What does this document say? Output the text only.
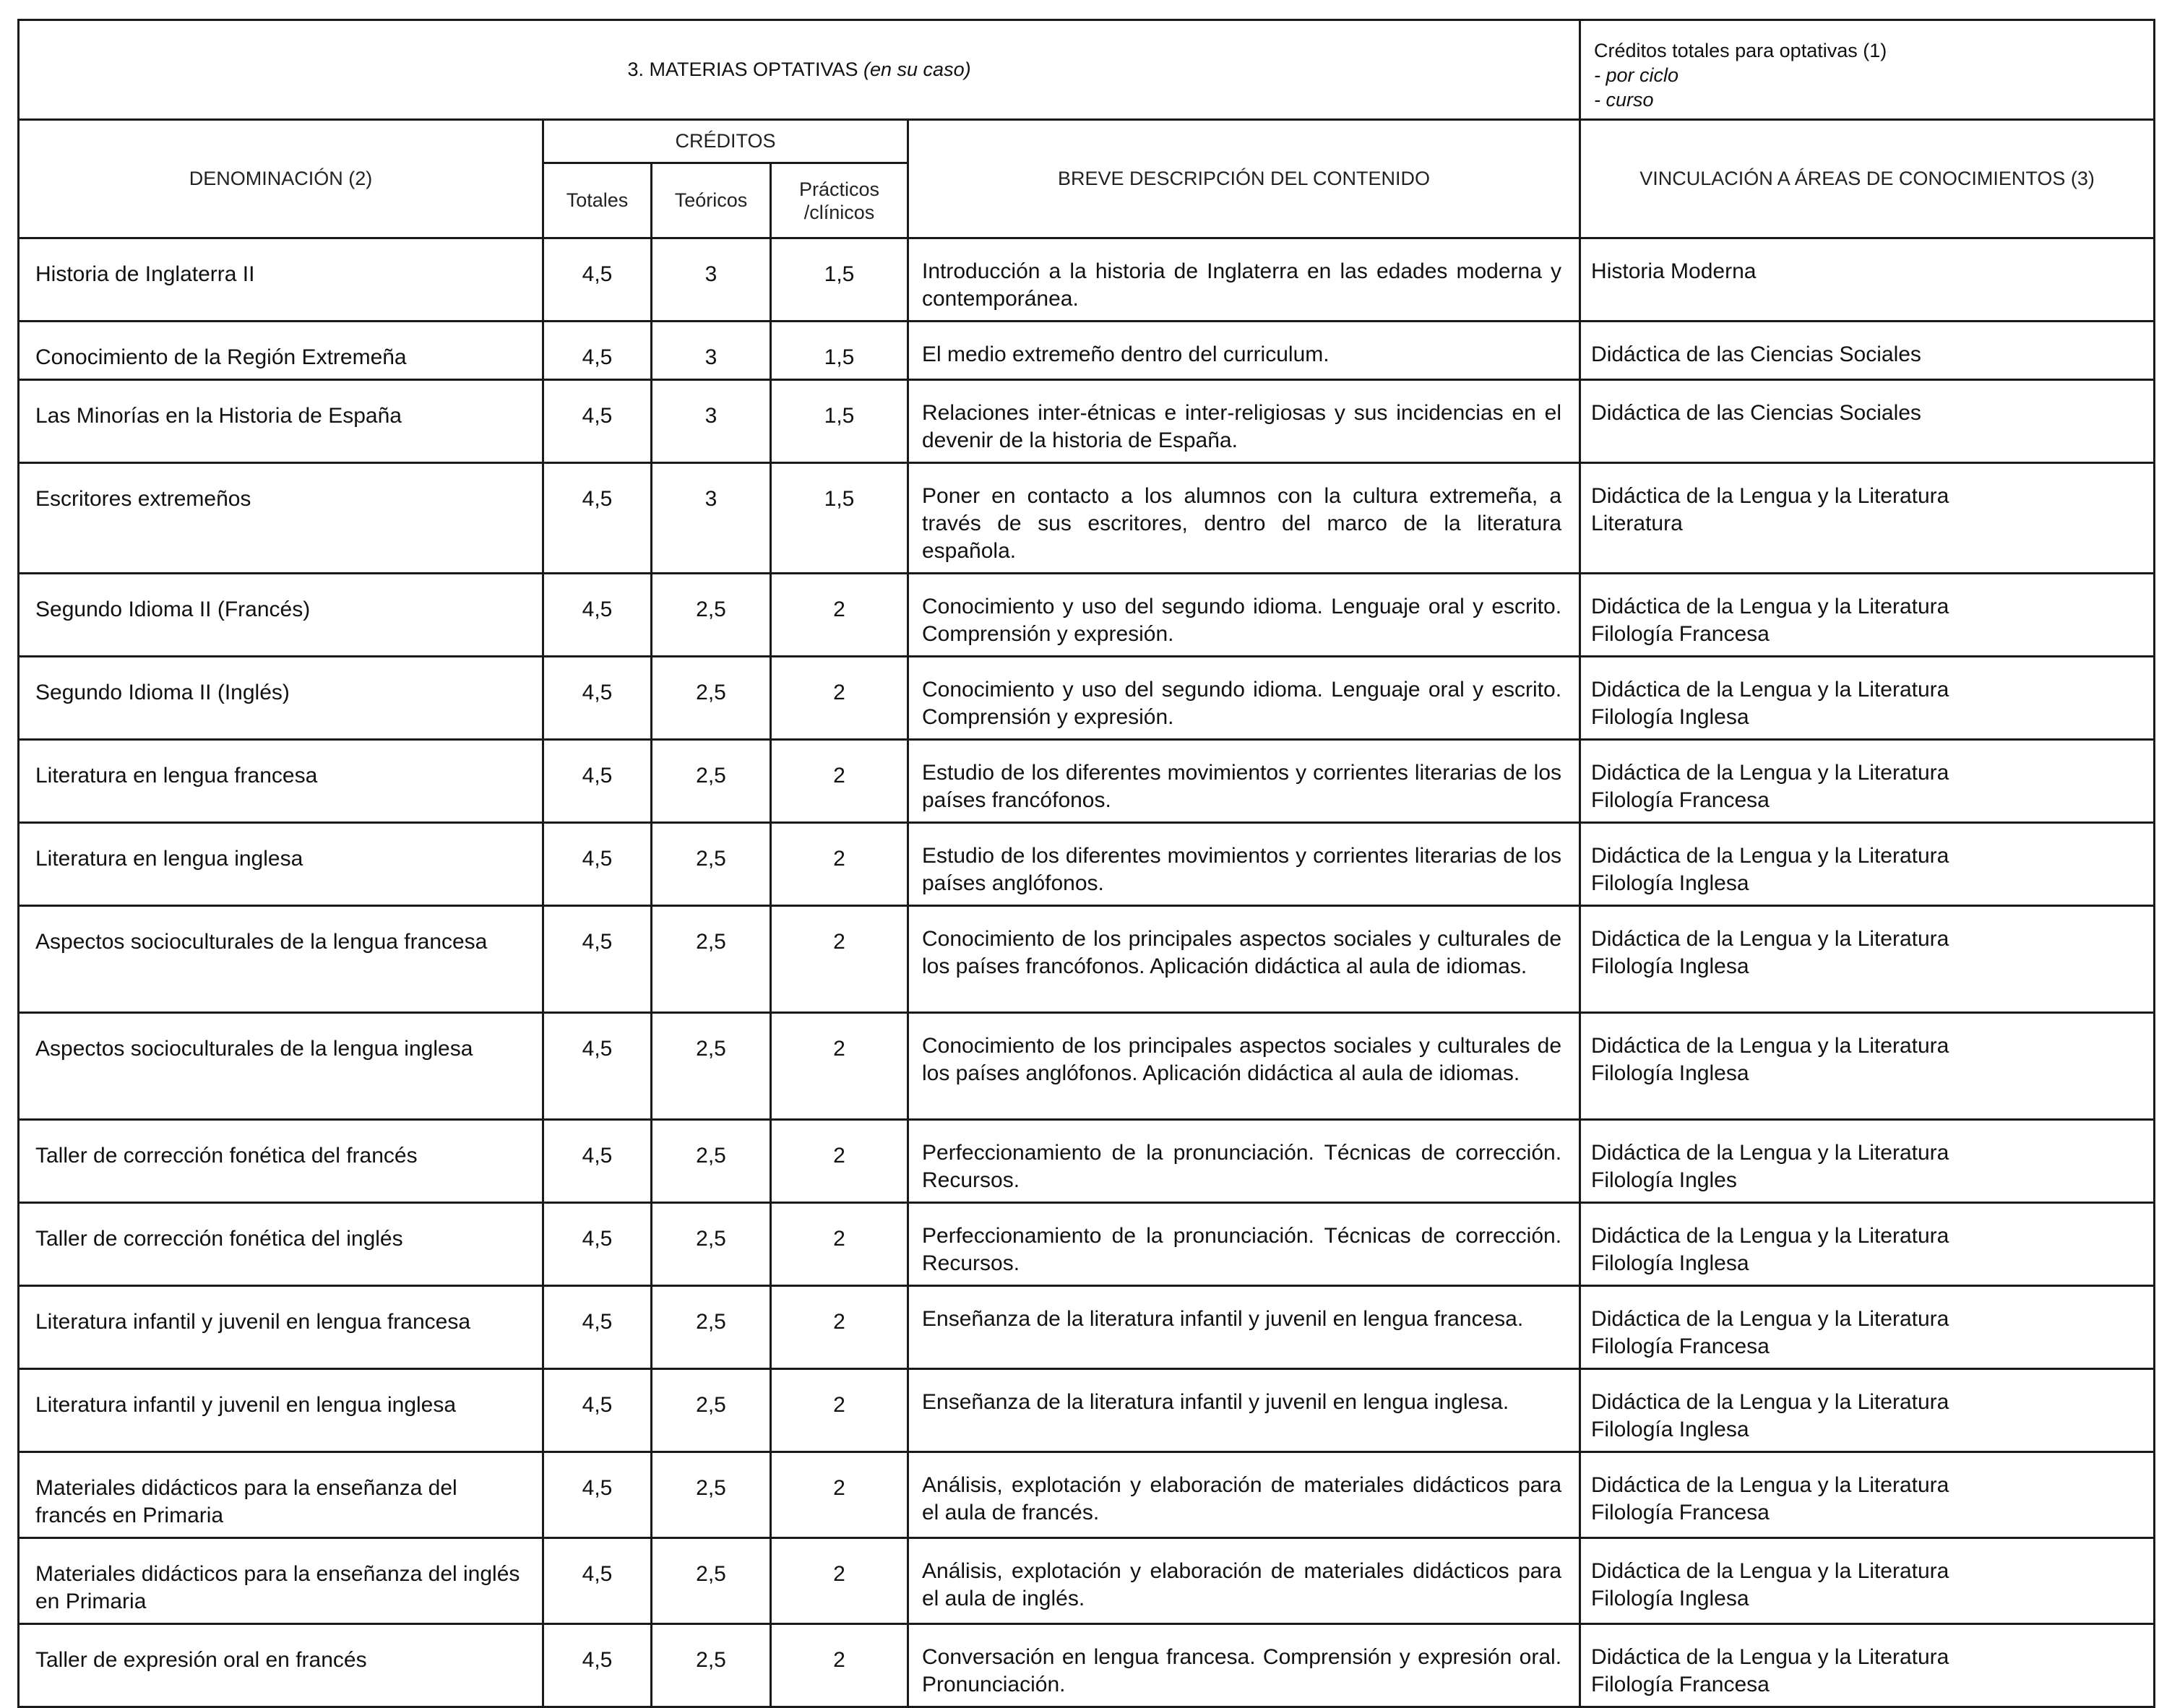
3. MATERIAS OPTATIVAS (en su caso)					Créditos totales para optativas (1)
- por ciclo
- curso

DENOMINACIÓN (2)	CRÉDITOS			BREVE DESCRIPCIÓN DEL CONTENIDO	VINCULACIÓN A ÁREAS DE CONOCIMIENTOS (3)
	Totales	Teóricos	Prácticos
/clínicos		

Historia de Inglaterra II	4,5	3	1,5	Introducción a la historia de Inglaterra en las edades moderna y contemporánea.	Historia Moderna

Conocimiento de la Región Extremeña	4,5	3	1,5	El medio extremeño dentro del curriculum.	Didáctica de las Ciencias Sociales

Las Minorías en la Historia de España	4,5	3	1,5	Relaciones inter-étnicas e inter-religiosas y sus incidencias en el devenir de la historia de España.	Didáctica de las Ciencias Sociales

Escritores extremeños	4,5	3	1,5	Poner en contacto a los alumnos con la cultura extremeña, a través de sus escritores, dentro del marco de la literatura española.	Didáctica de la Lengua y la Literatura
Literatura

Segundo Idioma II (Francés)	4,5	2,5	2	Conocimiento y uso del segundo idioma. Lenguaje oral y escrito. Comprensión y expresión.	Didáctica de la Lengua y la Literatura
Filología Francesa

Segundo Idioma II (Inglés)	4,5	2,5	2	Conocimiento y uso del segundo idioma. Lenguaje oral y escrito. Comprensión y expresión.	Didáctica de la Lengua y la Literatura
Filología Inglesa

Literatura en lengua francesa	4,5	2,5	2	Estudio de los diferentes movimientos y corrientes literarias de los países francófonos.	Didáctica de la Lengua y la Literatura
Filología Francesa

Literatura en lengua inglesa	4,5	2,5	2	Estudio de los diferentes movimientos y corrientes literarias de los países anglófonos.	Didáctica de la Lengua y la Literatura
Filología Inglesa

Aspectos socioculturales de la lengua francesa	4,5	2,5	2	Conocimiento de los principales aspectos sociales y culturales de los países francófonos. Aplicación didáctica al aula de idiomas.	Didáctica de la Lengua y la Literatura
Filología Inglesa

Aspectos socioculturales de la lengua inglesa	4,5	2,5	2	Conocimiento de los principales aspectos sociales y culturales de los países anglófonos. Aplicación didáctica al aula de idiomas.	Didáctica de la Lengua y la Literatura
Filología Inglesa

Taller de corrección fonética del francés	4,5	2,5	2	Perfeccionamiento de la pronunciación. Técnicas de corrección. Recursos.	Didáctica de la Lengua y la Literatura
Filología Ingles

Taller de corrección fonética del inglés	4,5	2,5	2	Perfeccionamiento de la pronunciación. Técnicas de corrección. Recursos.	Didáctica de la Lengua y la Literatura
Filología Inglesa

Literatura infantil y juvenil en lengua francesa	4,5	2,5	2	Enseñanza de la literatura infantil y juvenil en lengua francesa.	Didáctica de la Lengua y la Literatura
Filología Francesa

Literatura infantil y juvenil en lengua inglesa	4,5	2,5	2	Enseñanza de la literatura infantil y juvenil en lengua inglesa.	Didáctica de la Lengua y la Literatura
Filología Inglesa

Materiales didácticos para la enseñanza del francés en Primaria	4,5	2,5	2	Análisis, explotación y elaboración de materiales didácticos para el aula de francés.	Didáctica de la Lengua y la Literatura
Filología Francesa

Materiales didácticos para la enseñanza del inglés en Primaria	4,5	2,5	2	Análisis, explotación y elaboración de materiales didácticos para el aula de inglés.	Didáctica de la Lengua y la Literatura
Filología Inglesa

Taller de expresión oral en francés	4,5	2,5	2	Conversación en lengua francesa. Comprensión y expresión oral. Pronunciación.	Didáctica de la Lengua y la Literatura
Filología Francesa
